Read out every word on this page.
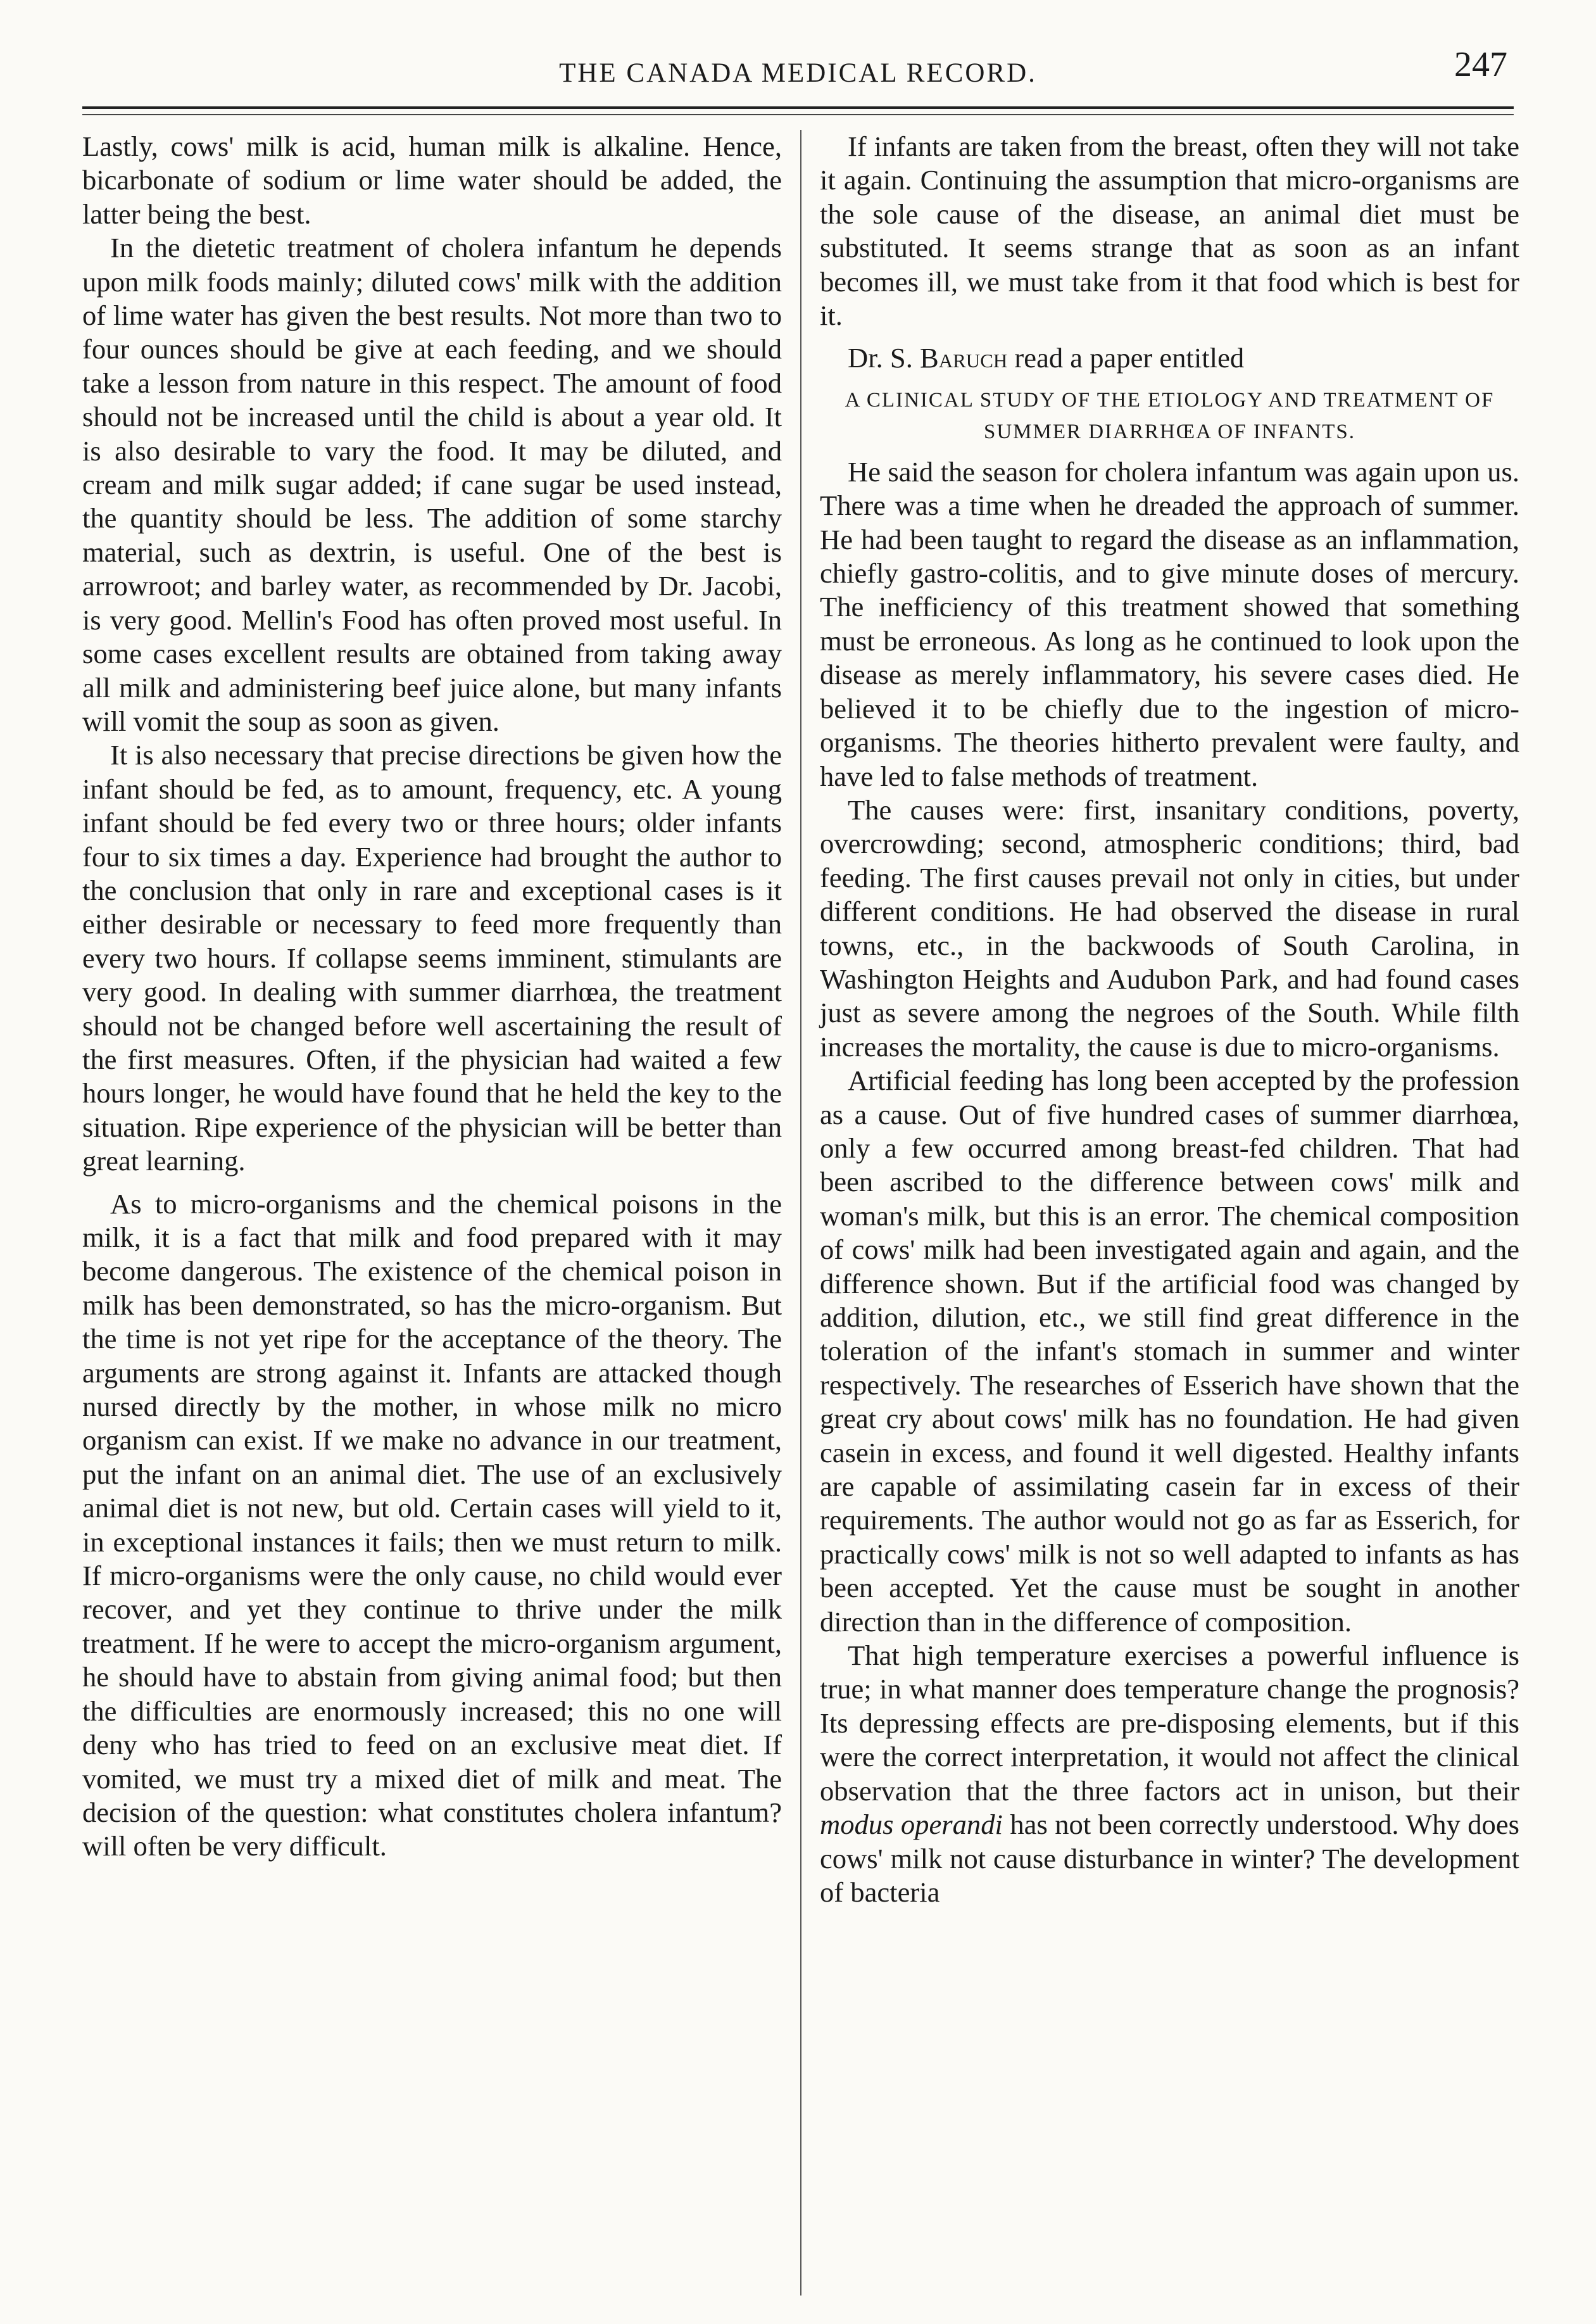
THE CANADA MEDICAL RECORD.	247

Lastly, cows' milk is acid, human milk is alkaline. Hence, bicarbonate of sodium or lime water should be added, the latter being the best.

In the dietetic treatment of cholera infantum he depends upon milk foods mainly; diluted cows' milk with the addition of lime water has given the best results. Not more than two to four ounces should be give at each feeding, and we should take a lesson from nature in this respect. The amount of food should not be increased until the child is about a year old. It is also desirable to vary the food. It may be diluted, and cream and milk sugar added; if cane sugar be used instead, the quantity should be less. The addition of some starchy material, such as dextrin, is useful. One of the best is arrowroot; and barley water, as recommended by Dr. Jacobi, is very good. Mellin's Food has often proved most useful. In some cases excellent results are obtained from taking away all milk and administering beef juice alone, but many infants will vomit the soup as soon as given.

It is also necessary that precise directions be given how the infant should be fed, as to amount, frequency, etc. A young infant should be fed every two or three hours; older infants four to six times a day. Experience had brought the author to the conclusion that only in rare and exceptional cases is it either desirable or necessary to feed more frequently than every two hours. If collapse seems imminent, stimulants are very good. In dealing with summer diarrhœa, the treatment should not be changed before well ascertaining the result of the first measures. Often, if the physician had waited a few hours longer, he would have found that he held the key to the situation. Ripe experience of the physician will be better than great learning.

As to micro-organisms and the chemical poisons in the milk, it is a fact that milk and food prepared with it may become dangerous. The existence of the chemical poison in milk has been demonstrated, so has the micro-organism. But the time is not yet ripe for the acceptance of the theory. The arguments are strong against it. Infants are attacked though nursed directly by the mother, in whose milk no micro organism can exist. If we make no advance in our treatment, put the infant on an animal diet. The use of an exclusively animal diet is not new, but old. Certain cases will yield to it, in exceptional instances it fails; then we must return to milk. If micro-organisms were the only cause, no child would ever recover, and yet they continue to thrive under the milk treatment. If he were to accept the micro-organism argument, he should have to abstain from giving animal food; but then the difficulties are enormously increased; this no one will deny who has tried to feed on an exclusive meat diet. If vomited, we must try a mixed diet of milk and meat. The decision of the question: what constitutes cholera infantum? will often be very difficult.

If infants are taken from the breast, often they will not take it again. Continuing the assumption that micro-organisms are the sole cause of the disease, an animal diet must be substituted. It seems strange that as soon as an infant becomes ill, we must take from it that food which is best for it.

Dr. S. Baruch read a paper entitled

A CLINICAL STUDY OF THE ETIOLOGY AND TREATMENT OF SUMMER DIARRHŒA OF INFANTS.

He said the season for cholera infantum was again upon us. There was a time when he dreaded the approach of summer. He had been taught to regard the disease as an inflammation, chiefly gastro-colitis, and to give minute doses of mercury. The inefficiency of this treatment showed that something must be erroneous. As long as he continued to look upon the disease as merely inflammatory, his severe cases died. He believed it to be chiefly due to the ingestion of micro-organisms. The theories hitherto prevalent were faulty, and have led to false methods of treatment.

The causes were: first, insanitary conditions, poverty, overcrowding; second, atmospheric conditions; third, bad feeding. The first causes prevail not only in cities, but under different conditions. He had observed the disease in rural towns, etc., in the backwoods of South Carolina, in Washington Heights and Audubon Park, and had found cases just as severe among the negroes of the South. While filth increases the mortality, the cause is due to micro-organisms.

Artificial feeding has long been accepted by the profession as a cause. Out of five hundred cases of summer diarrhœa, only a few occurred among breast-fed children. That had been ascribed to the difference between cows' milk and woman's milk, but this is an error. The chemical composition of cows' milk had been investigated again and again, and the difference shown. But if the artificial food was changed by addition, dilution, etc., we still find great difference in the toleration of the infant's stomach in summer and winter respectively. The researches of Esserich have shown that the great cry about cows' milk has no foundation. He had given casein in excess, and found it well digested. Healthy infants are capable of assimilating casein far in excess of their requirements. The author would not go as far as Esserich, for practically cows' milk is not so well adapted to infants as has been accepted. Yet the cause must be sought in another direction than in the difference of composition.

That high temperature exercises a powerful influence is true; in what manner does temperature change the prognosis? Its depressing effects are pre-disposing elements, but if this were the correct interpretation, it would not affect the clinical observation that the three factors act in unison, but their modus operandi has not been correctly understood. Why does cows' milk not cause disturbance in winter? The development of bacteria
